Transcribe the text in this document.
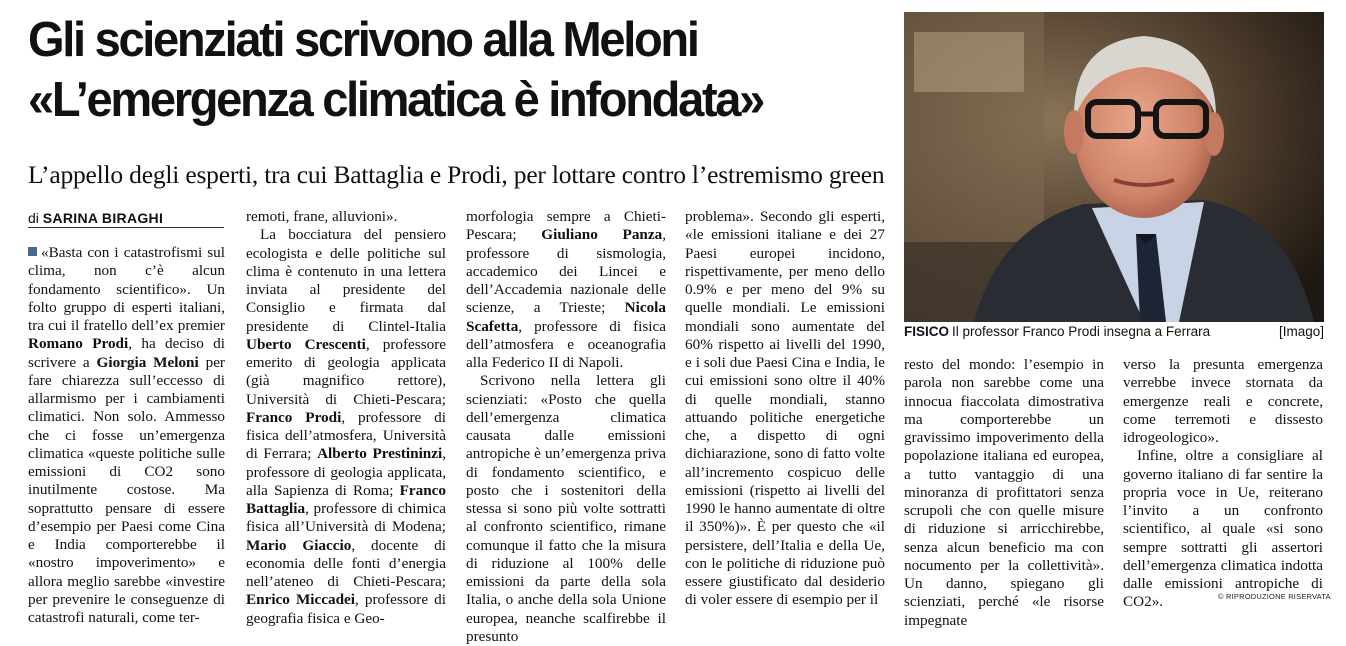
Gli scienziati scrivono alla Meloni
«L’emergenza climatica è infondata»
L’appello degli esperti, tra cui Battaglia e Prodi, per lottare contro l’estremismo green
di SARINA BIRAGHI

«Basta con i catastrofismi sul clima, non c’è alcun fondamento scientifico». Un folto gruppo di esperti italiani, tra cui il fratello dell’ex premier Romano Prodi, ha deciso di scrivere a Giorgia Meloni per fare chiarezza sull’eccesso di allarmismo per i cambiamenti climatici. Non solo. Ammesso che ci fosse un’emergenza climatica «queste politiche sulle emissioni di CO2 sono inutilmente costose. Ma soprattutto pensare di essere d’esempio per Paesi come Cina e India comporterebbe il «nostro impoverimento» e allora meglio sarebbe «investire per prevenire le conseguenze di catastrofi naturali, come ter-

remoti, frane, alluvioni».

La bocciatura del pensiero ecologista e delle politiche sul clima è contenuto in una lettera inviata al presidente del Consiglio e firmata dal presidente di Clintel-Italia Uberto Crescenti, professore emerito di geologia applicata (già magnifico rettore), Università di Chieti-Pescara; Franco Prodi, professore di fisica dell’atmosfera, Università di Ferrara; Alberto Prestininzi, professore di geologia applicata, alla Sapienza di Roma; Franco Battaglia, professore di chimica fisica all’Università di Modena; Mario Giaccio, docente di economia delle fonti d’energia nell’ateneo di Chieti-Pescara; Enrico Miccadei, professore di geografia fisica e Geo-

morfologia sempre a Chieti-Pescara; Giuliano Panza, professore di sismologia, accademico dei Lincei e dell’Accademia nazionale delle scienze, a Trieste; Nicola Scafetta, professore di fisica dell’atmosfera e oceanografia alla Federico II di Napoli.

Scrivono nella lettera gli scienziati: «Posto che quella dell’emergenza climatica causata dalle emissioni antropiche è un’emergenza priva di fondamento scientifico, e posto che i sostenitori della stessa si sono più volte sottratti al confronto scientifico, rimane comunque il fatto che la misura di riduzione al 100% delle emissioni da parte della sola Italia, o anche della sola Unione europea, neanche scalfirebbe il presunto

problema». Secondo gli esperti, «le emissioni italiane e dei 27 Paesi europei incidono, rispettivamente, per meno dello 0.9% e per meno del 9% su quelle mondiali. Le emissioni mondiali sono aumentate del 60% rispetto ai livelli del 1990, e i soli due Paesi Cina e India, le cui emissioni sono oltre il 40% di quelle mondiali, stanno attuando politiche energetiche che, a dispetto di ogni dichiarazione, sono di fatto volte all’incremento cospicuo delle emissioni (rispetto ai livelli del 1990 le hanno aumentate di oltre il 350%)». È per questo che «il persistere, dell’Italia e della Ue, con le politiche di riduzione può essere giustificato dal desiderio di voler essere di esempio per il

FISICO Il professor Franco Prodi insegna a Ferrara	[Imago]

resto del mondo: l’esempio in parola non sarebbe come una innocua fiaccolata dimostrativa ma comporterebbe un gravissimo impoverimento della popolazione italiana ed europea, a tutto vantaggio di una minoranza di profittatori senza scrupoli che con quelle misure di riduzione si arricchirebbe, senza alcun beneficio ma con nocumento per la collettività». Un danno, spiegano gli scienziati, perché «le risorse impegnate

verso la presunta emergenza verrebbe invece stornata da emergenze reali e concrete, come terremoti e dissesto idrogeologico».

Infine, oltre a consigliare al governo italiano di far sentire la propria voce in Ue, reiterano l’invito a un confronto scientifico, al quale «si sono sempre sottratti gli assertori dell’emergenza climatica indotta dalle emissioni antropiche di CO2».	© RIPRODUZIONE RISERVATA
